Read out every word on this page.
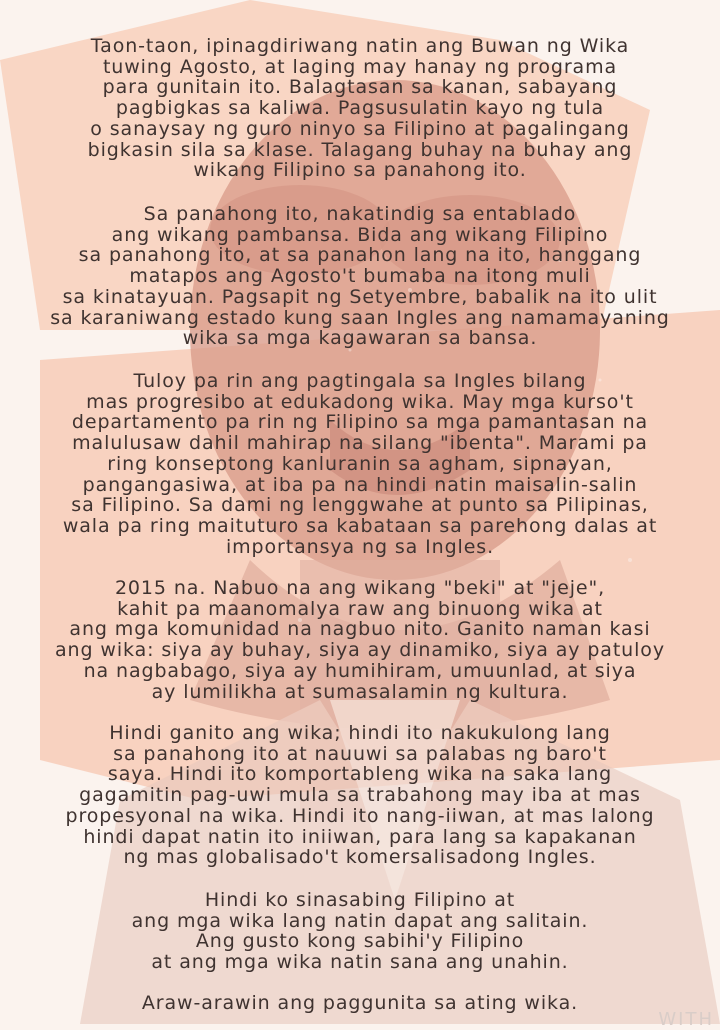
Taon-taon, ipinagdiriwang natin ang Buwan ng Wika
tuwing Agosto, at laging may hanay ng programa
para gunitain ito. Balagtasan sa kanan, sabayang
pagbigkas sa kaliwa. Pagsusulatin kayo ng tula
o sanaysay ng guro ninyo sa Filipino at pagalingang
bigkasin sila sa klase. Talagang buhay na buhay ang
wikang Filipino sa panahong ito.

Sa panahong ito, nakatindig sa entablado
ang wikang pambansa. Bida ang wikang Filipino
sa panahong ito, at sa panahon lang na ito, hanggang
matapos ang Agosto't bumaba na itong muli
sa kinatayuan. Pagsapit ng Setyembre, babalik na ito ulit
sa karaniwang estado kung saan Ingles ang namamayaning
wika sa mga kagawaran sa bansa.

Tuloy pa rin ang pagtingala sa Ingles bilang
mas progresibo at edukadong wika. May mga kurso't
departamento pa rin ng Filipino sa mga pamantasan na
malulusaw dahil mahirap na silang "ibenta". Marami pa
ring konseptong kanluranin sa agham, sipnayan,
pangangasiwa, at iba pa na hindi natin maisalin-salin
sa Filipino. Sa dami ng lenggwahe at punto sa Pilipinas,
wala pa ring maituturo sa kabataan sa parehong dalas at
importansya ng sa Ingles.

2015 na. Nabuo na ang wikang "beki" at "jeje",
kahit pa maanomalya raw ang binuong wika at
ang mga komunidad na nagbuo nito. Ganito naman kasi
ang wika: siya ay buhay, siya ay dinamiko, siya ay patuloy
na nagbabago, siya ay humihiram, umuunlad, at siya
ay lumilikha at sumasalamin ng kultura.

Hindi ganito ang wika; hindi ito nakukulong lang
sa panahong ito at nauuwi sa palabas ng baro't
saya. Hindi ito komportableng wika na saka lang
gagamitin pag-uwi mula sa trabahong may iba at mas
propesyonal na wika. Hindi ito nang-iiwan, at mas lalong
hindi dapat natin ito iniiwan, para lang sa kapakanan
ng mas globalisado't komersalisadong Ingles.

Hindi ko sinasabing Filipino at
ang mga wika lang natin dapat ang salitain.
Ang gusto kong sabihi'y Filipino
at ang mga wika natin sana ang unahin.

Araw-arawin ang paggunita sa ating wika.

WITH
